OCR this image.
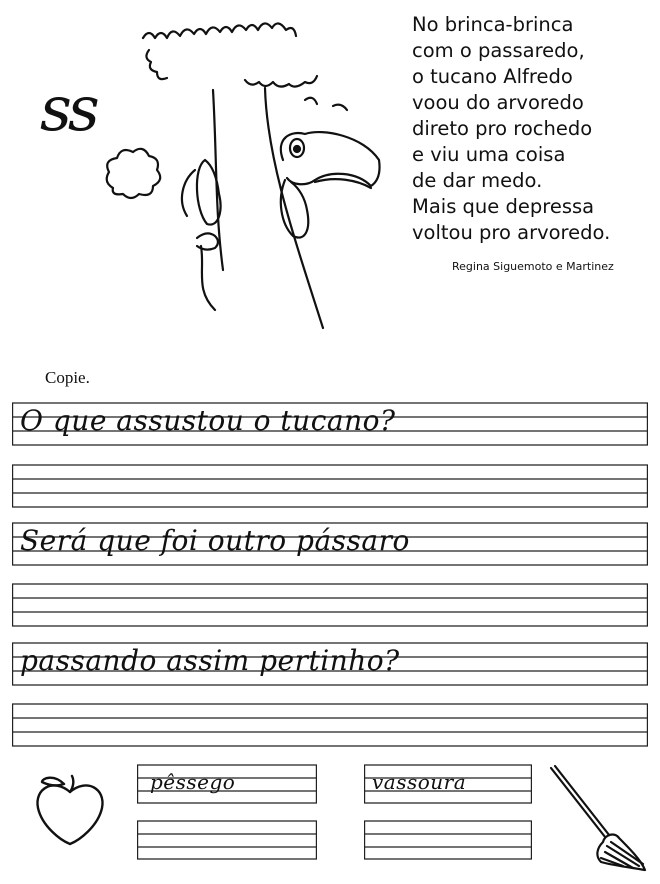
ss
No brinca-brinca
com o passaredo,
o tucano Alfredo
voou do arvoredo
direto pro rochedo
e viu uma coisa
de dar medo.
Mais que depressa
voltou pro arvoredo.
Regina Siguemoto e Martinez
Copie.
O que assustou o tucano?
Será que foi outro pássaro
passando assim pertinho?
pêssego	vassoura
